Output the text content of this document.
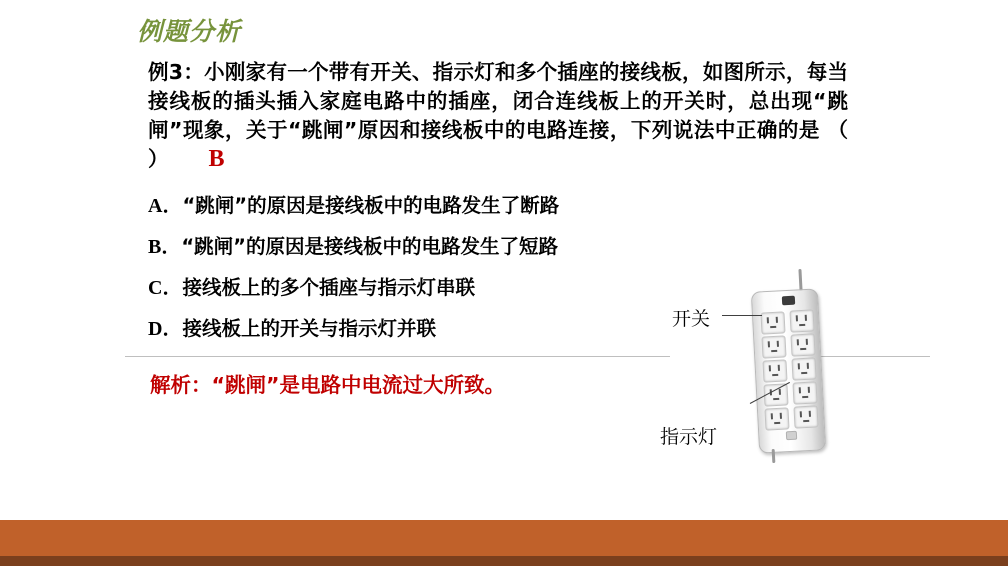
例题分析
例3：小刚家有一个带有开关、指示灯和多个插座的接线板，如图所示，每当接线板的插头插入家庭电路中的插座，闭合连线板上的开关时，总出现“跳闸”现象，关于“跳闸”原因和接线板中的电路连接，下列说法中正确的是 （ ） B
A．“跳闸”的原因是接线板中的电路发生了断路
B．“跳闸”的原因是接线板中的电路发生了短路
C．接线板上的多个插座与指示灯串联
D．接线板上的开关与指示灯并联
解析：“跳闸”是电路中电流过大所致。
开关
指示灯
